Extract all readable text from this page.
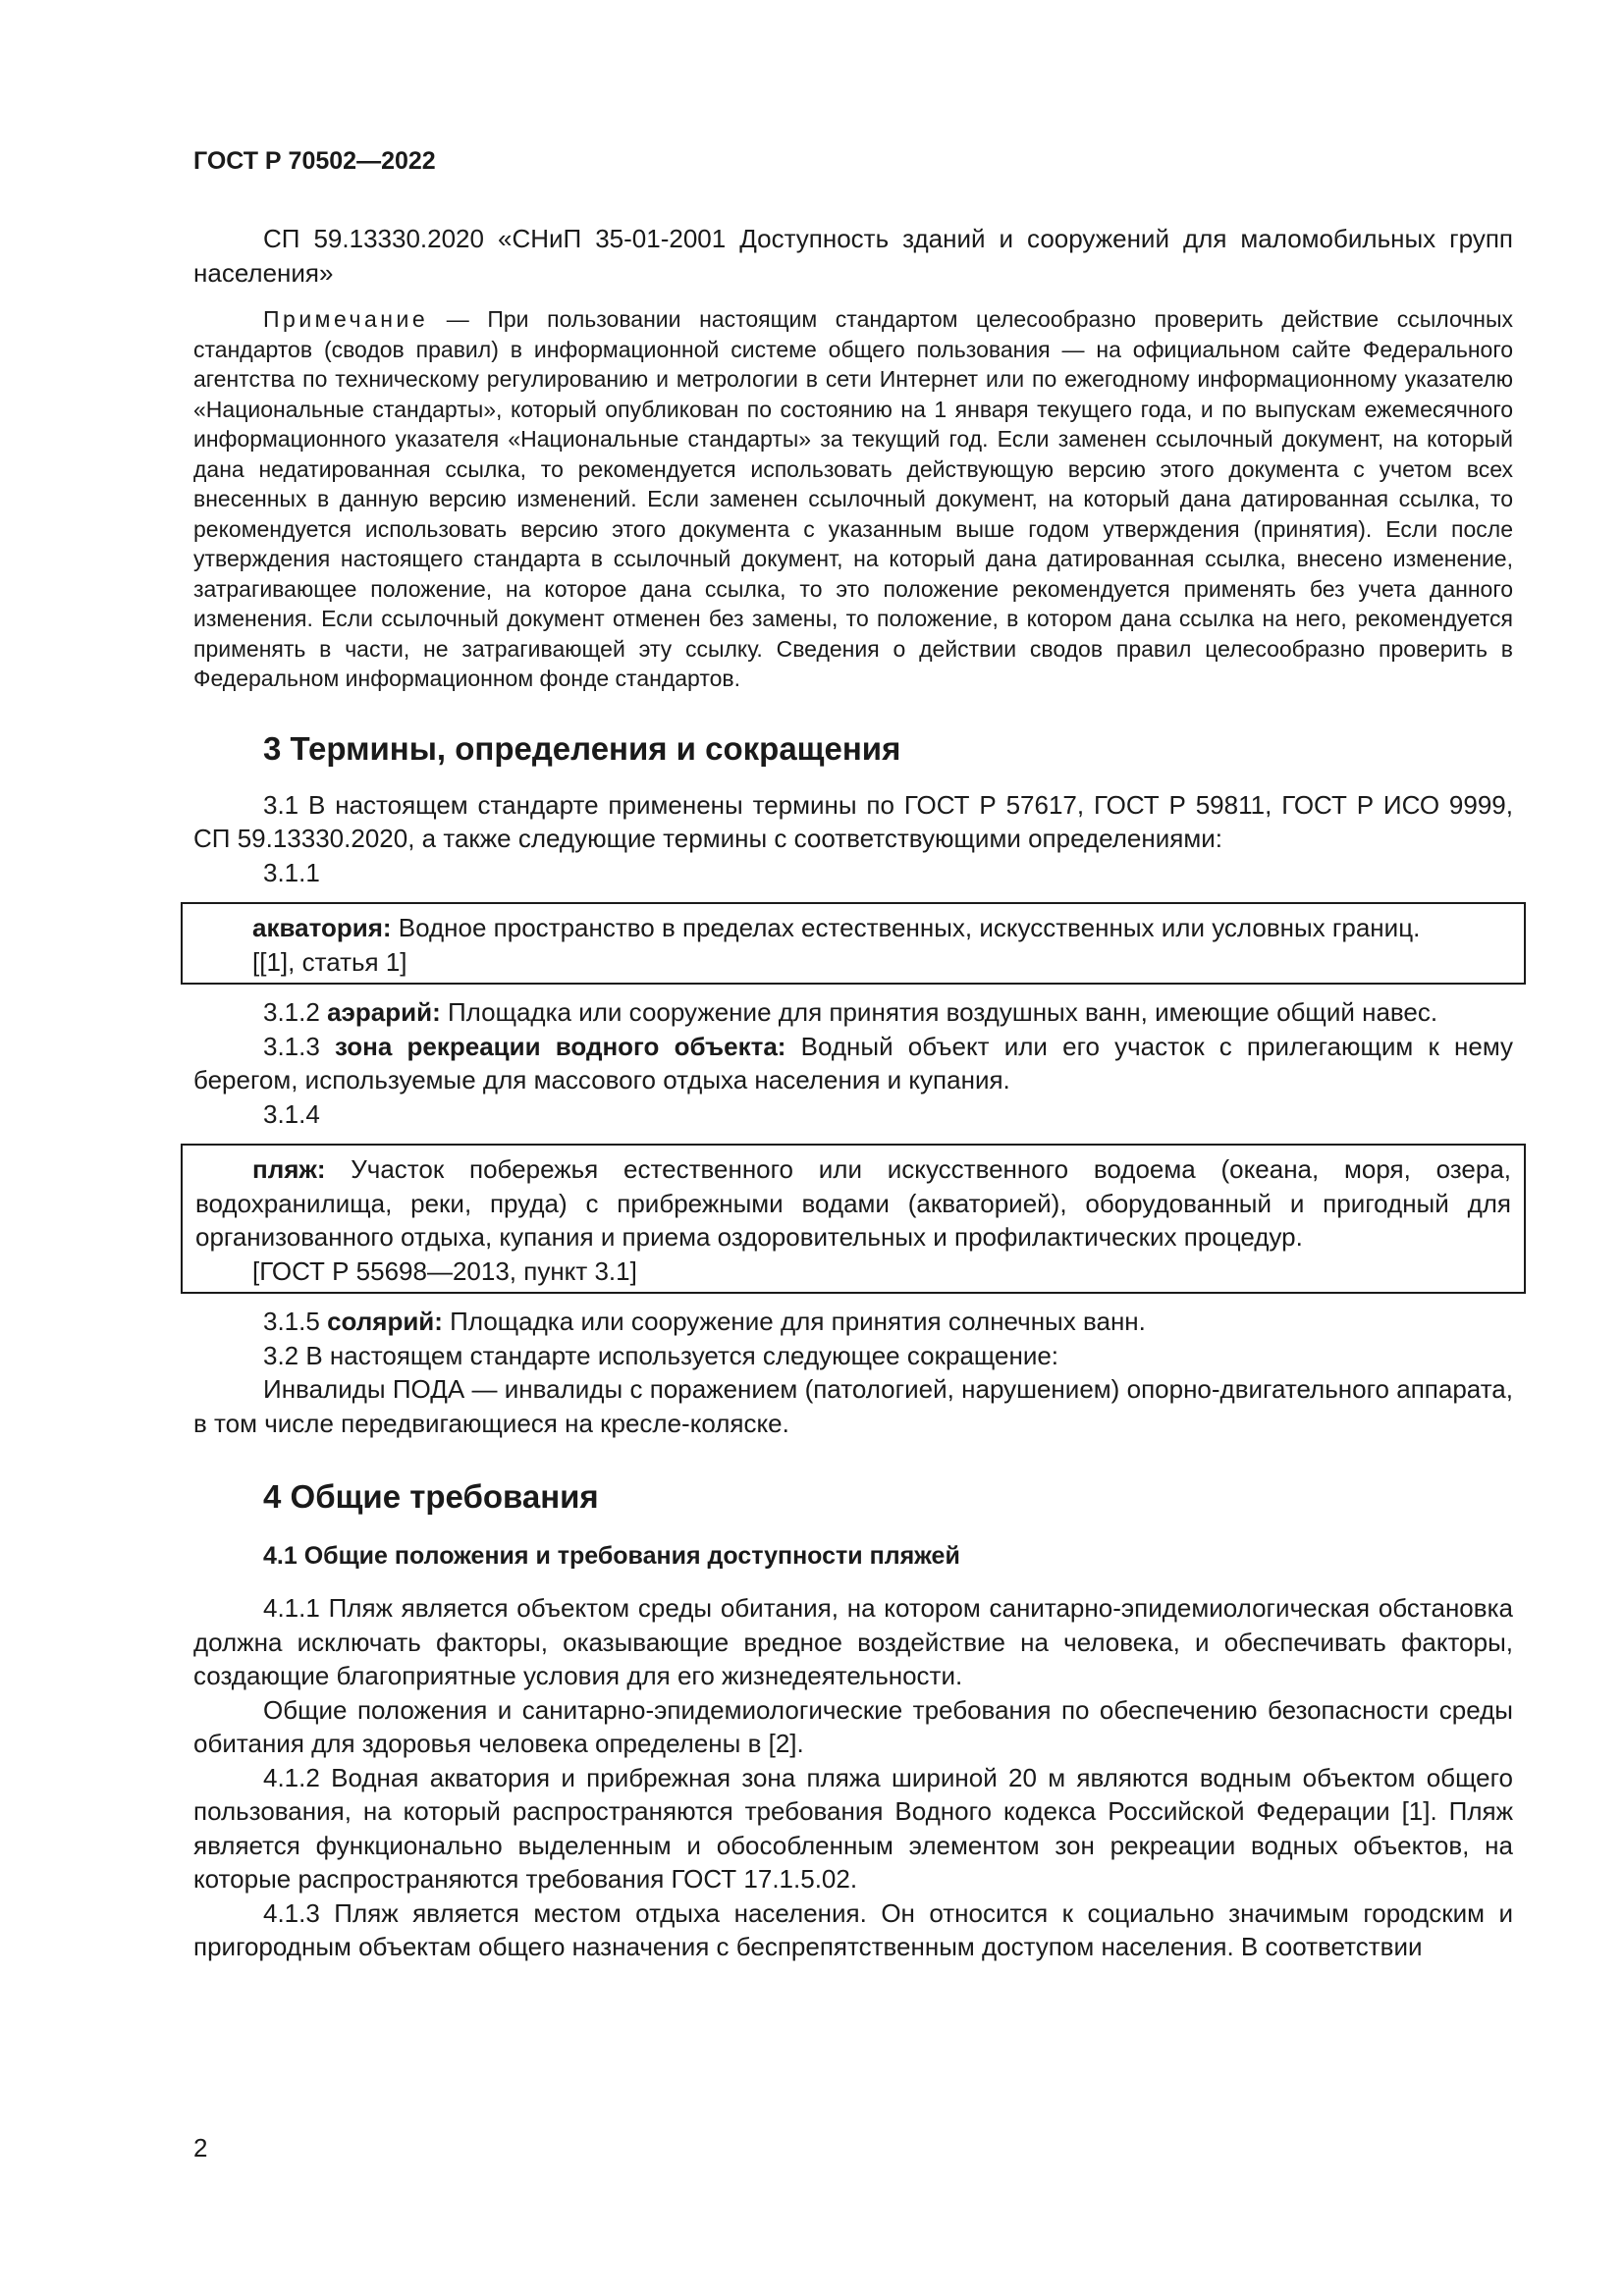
ГОСТ Р 70502—2022

СП 59.13330.2020 «СНиП 35-01-2001 Доступность зданий и сооружений для маломобильных групп населения»

Примечание — При пользовании настоящим стандартом целесообразно проверить действие ссылочных стандартов (сводов правил) в информационной системе общего пользования — на официальном сайте Федерального агентства по техническому регулированию и метрологии в сети Интернет или по ежегодному информационному указателю «Национальные стандарты», который опубликован по состоянию на 1 января текущего года, и по выпускам ежемесячного информационного указателя «Национальные стандарты» за текущий год. Если заменен ссылочный документ, на который дана недатированная ссылка, то рекомендуется использовать действующую версию этого документа с учетом всех внесенных в данную версию изменений. Если заменен ссылочный документ, на который дана датированная ссылка, то рекомендуется использовать версию этого документа с указанным выше годом утверждения (принятия). Если после утверждения настоящего стандарта в ссылочный документ, на который дана датированная ссылка, внесено изменение, затрагивающее положение, на которое дана ссылка, то это положение рекомендуется применять без учета данного изменения. Если ссылочный документ отменен без замены, то положение, в котором дана ссылка на него, рекомендуется применять в части, не затрагивающей эту ссылку. Сведения о действии сводов правил целесообразно проверить в Федеральном информационном фонде стандартов.

3 Термины, определения и сокращения

3.1 В настоящем стандарте применены термины по ГОСТ Р 57617, ГОСТ Р 59811, ГОСТ Р ИСО 9999, СП 59.13330.2020, а также следующие термины с соответствующими определениями:

3.1.1

акватория: Водное пространство в пределах естественных, искусственных или условных границ.

[[1], статья 1]

3.1.2 аэрарий: Площадка или сооружение для принятия воздушных ванн, имеющие общий навес.

3.1.3 зона рекреации водного объекта: Водный объект или его участок с прилегающим к нему берегом, используемые для массового отдыха населения и купания.

3.1.4

пляж: Участок побережья естественного или искусственного водоема (океана, моря, озера, водохранилища, реки, пруда) с прибрежными водами (акваторией), оборудованный и пригодный для организованного отдыха, купания и приема оздоровительных и профилактических процедур.

[ГОСТ Р 55698—2013, пункт 3.1]

3.1.5 солярий: Площадка или сооружение для принятия солнечных ванн.

3.2 В настоящем стандарте используется следующее сокращение:

Инвалиды ПОДА — инвалиды с поражением (патологией, нарушением) опорно-двигательного аппарата, в том числе передвигающиеся на кресле-коляске.

4 Общие требования
4.1 Общие положения и требования доступности пляжей

4.1.1 Пляж является объектом среды обитания, на котором санитарно-эпидемиологическая обстановка должна исключать факторы, оказывающие вредное воздействие на человека, и обеспечивать факторы, создающие благоприятные условия для его жизнедеятельности.

Общие положения и санитарно-эпидемиологические требования по обеспечению безопасности среды обитания для здоровья человека определены в [2].

4.1.2 Водная акватория и прибрежная зона пляжа шириной 20 м являются водным объектом общего пользования, на который распространяются требования Водного кодекса Российской Федерации [1]. Пляж является функционально выделенным и обособленным элементом зон рекреации водных объектов, на которые распространяются требования ГОСТ 17.1.5.02.

4.1.3 Пляж является местом отдыха населения. Он относится к социально значимым городским и пригородным объектам общего назначения с беспрепятственным доступом населения. В соответствии

2
